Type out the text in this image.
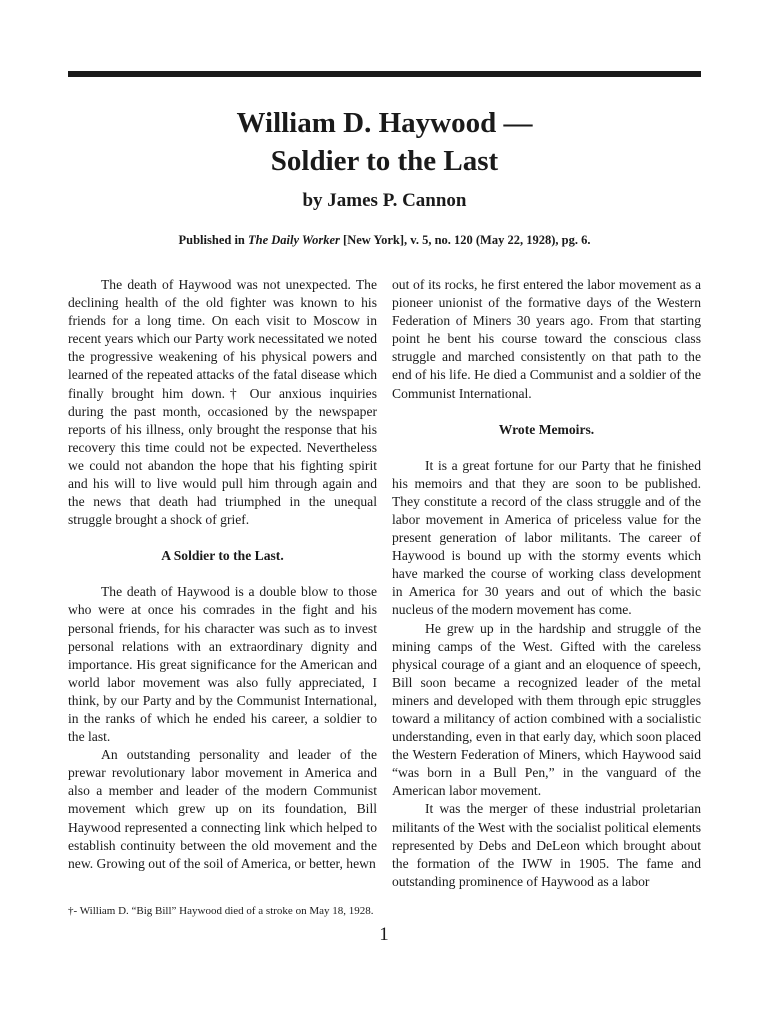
William D. Haywood —
Soldier to the Last

by James P. Cannon

Published in The Daily Worker [New York], v. 5, no. 120 (May 22, 1928), pg. 6.

The death of Haywood was not unexpected. The declining health of the old fighter was known to his friends for a long time. On each visit to Moscow in recent years which our Party work necessitated we noted the progressive weakening of his physical powers and learned of the repeated attacks of the fatal disease which finally brought him down.† Our anxious inquiries during the past month, occasioned by the newspaper reports of his illness, only brought the response that his recovery this time could not be expected. Nevertheless we could not abandon the hope that his fighting spirit and his will to live would pull him through again and the news that death had triumphed in the unequal struggle brought a shock of grief.

A Soldier to the Last.

The death of Haywood is a double blow to those who were at once his comrades in the fight and his personal friends, for his character was such as to invest personal relations with an extraordinary dignity and importance. His great significance for the American and world labor movement was also fully appreciated, I think, by our Party and by the Communist International, in the ranks of which he ended his career, a soldier to the last.

An outstanding personality and leader of the prewar revolutionary labor movement in America and also a member and leader of the modern Communist movement which grew up on its foundation, Bill Haywood represented a connecting link which helped to establish continuity between the old movement and the new. Growing out of the soil of America, or better, hewn

out of its rocks, he first entered the labor movement as a pioneer unionist of the formative days of the Western Federation of Miners 30 years ago. From that starting point he bent his course toward the conscious class struggle and marched consistently on that path to the end of his life. He died a Communist and a soldier of the Communist International.

Wrote Memoirs.

It is a great fortune for our Party that he finished his memoirs and that they are soon to be published. They constitute a record of the class struggle and of the labor movement in America of priceless value for the present generation of labor militants. The career of Haywood is bound up with the stormy events which have marked the course of working class development in America for 30 years and out of which the basic nucleus of the modern movement has come.

He grew up in the hardship and struggle of the mining camps of the West. Gifted with the careless physical courage of a giant and an eloquence of speech, Bill soon became a recognized leader of the metal miners and developed with them through epic struggles toward a militancy of action combined with a socialistic understanding, even in that early day, which soon placed the Western Federation of Miners, which Haywood said “was born in a Bull Pen,” in the vanguard of the American labor movement.

It was the merger of these industrial proletarian militants of the West with the socialist political elements represented by Debs and DeLeon which brought about the formation of the IWW in 1905. The fame and outstanding prominence of Haywood as a labor

†- William D. “Big Bill” Haywood died of a stroke on May 18, 1928.

1
